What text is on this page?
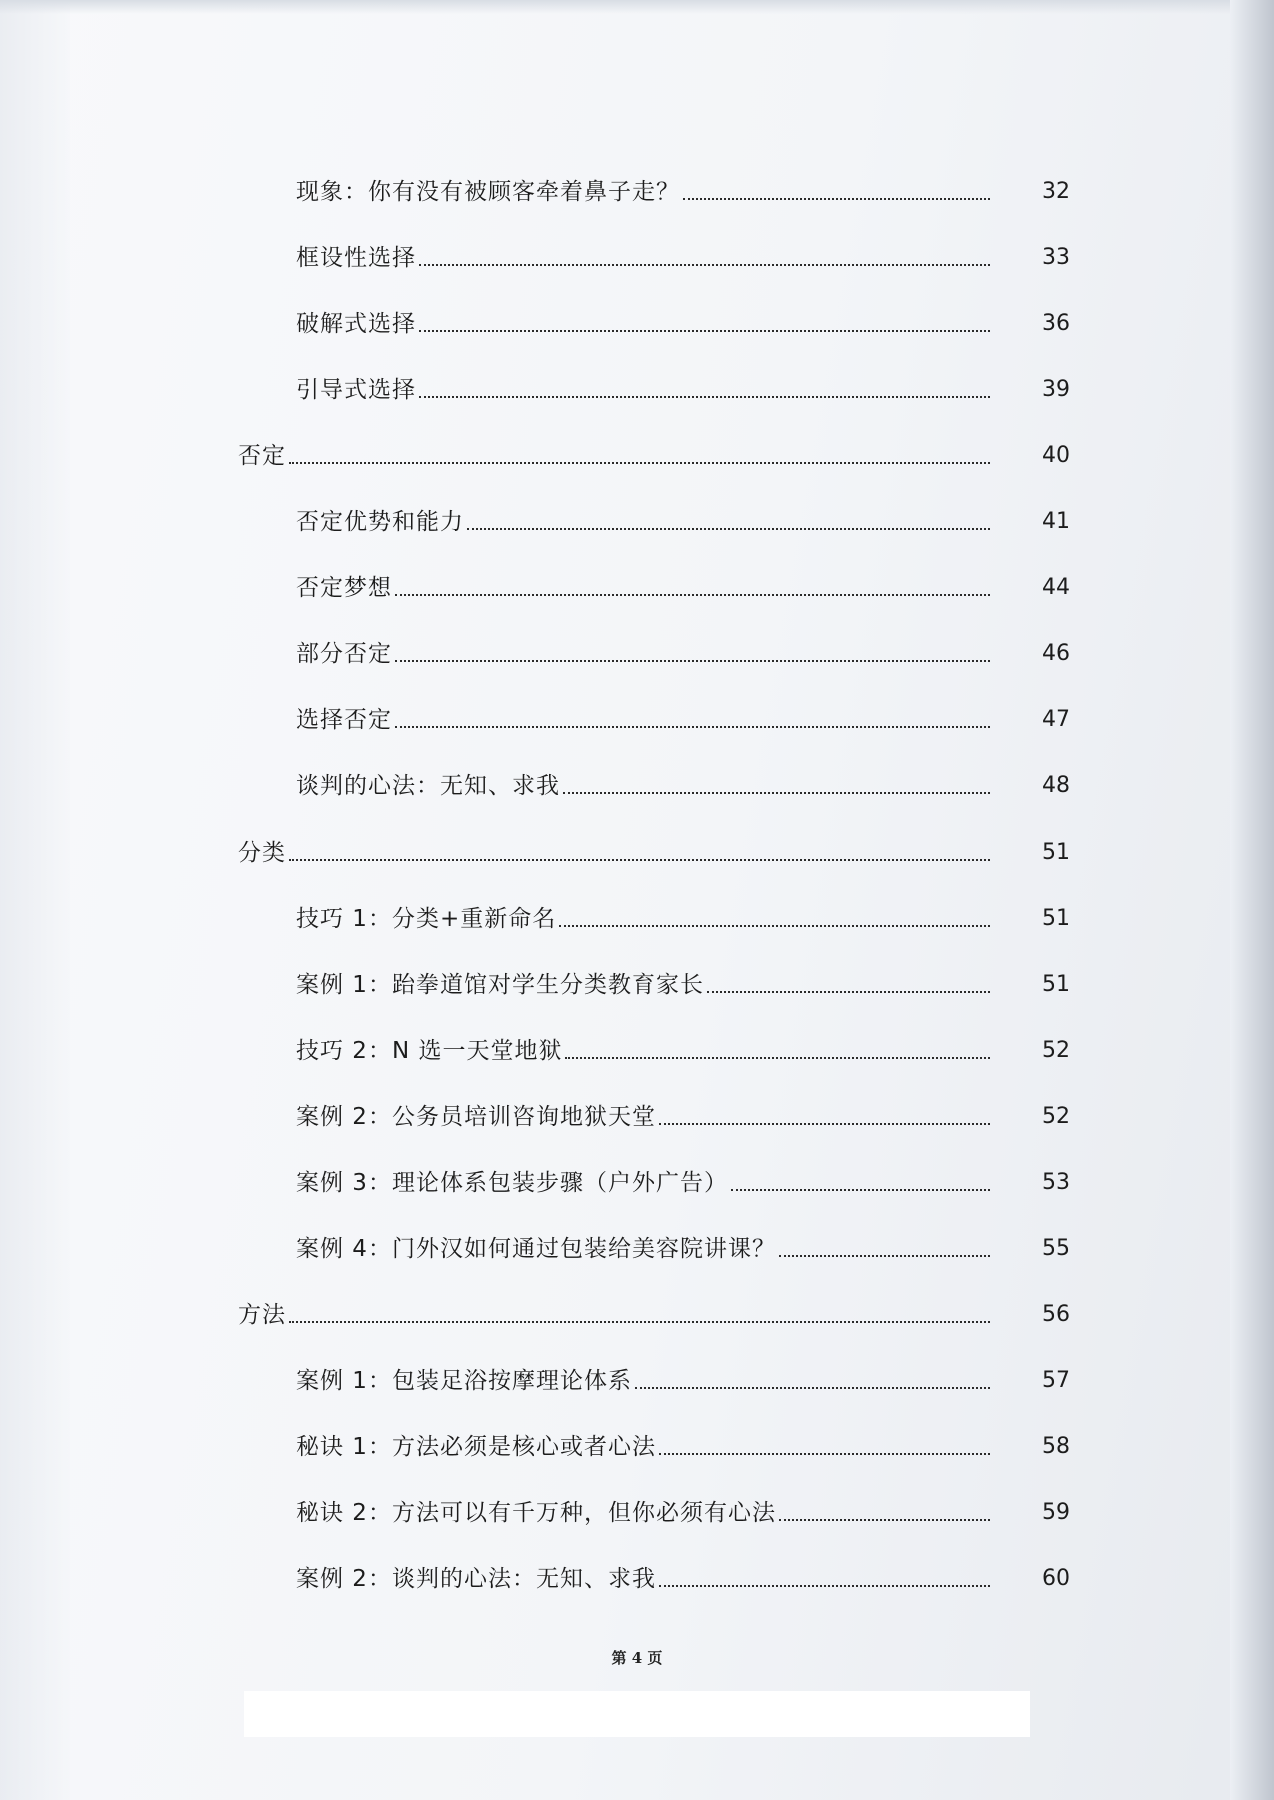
现象：你有没有被顾客牵着鼻子走？	32
框设性选择	33
破解式选择	36
引导式选择	39
否定	40
否定优势和能力	41
否定梦想	44
部分否定	46
选择否定	47
谈判的心法：无知、求我	48
分类	51
技巧 1：分类+重新命名	51
案例 1：跆拳道馆对学生分类教育家长	51
技巧 2：N 选一天堂地狱	52
案例 2：公务员培训咨询地狱天堂	52
案例 3：理论体系包装步骤（户外广告）	53
案例 4：门外汉如何通过包装给美容院讲课？	55
方法	56
案例 1：包装足浴按摩理论体系	57
秘诀 1：方法必须是核心或者心法	58
秘诀 2：方法可以有千万种，但你必须有心法	59
案例 2：谈判的心法：无知、求我	60
第 4 页
